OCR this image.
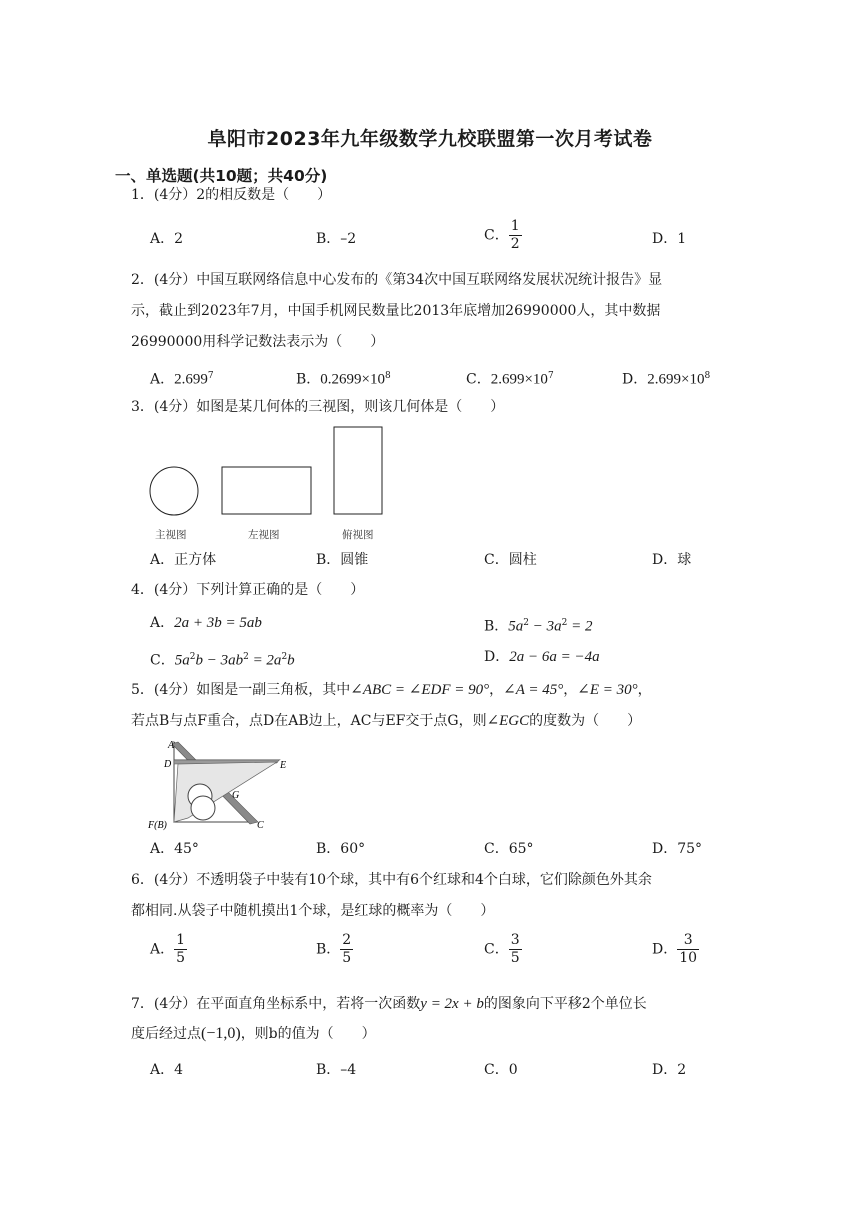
阜阳市2023年九年级数学九校联盟第一次月考试卷
一、单选题(共10题；共40分)
1．(4分）2的相反数是（　　）
A．2	B．–2	C． $\frac{1}{2}$	D．1
2．(4分）中国互联网络信息中心发布的《第34次中国互联网络发展状况统计报告》显
示，截止到2023年7月，中国手机网民数量比2013年底增加26990000人，其中数据
26990000用科学记数法表示为（　　）
A．2.699$^7$	B．$0.2699\times 10^8$	C．$2.699\times 10^7$	D．$2.699\times 10^8$
3．(4分）如图是某几何体的三视图，则该几何体是（　　）
主视图	左视图	俯视图
A．正方体	B．圆锥	C．圆柱	D．球
4．(4分）下列计算正确的是（　　）
A．2a + 3b = 5ab	B．$5a^2 - 3a^2 = 2$
C．$5a^2b - 3ab^2 = 2a^2b$	D．2a − 6a = −4a
5．(4分）如图是一副三角板，其中∠ABC = ∠EDF = 90°，∠A = 45°，∠E = 30°，
若点B与点F重合，点D在AB边上，AC与EF交于点G，则∠EGC的度数为（　　）
A
D	E
G
F(B)	C
A．45°	B．60°	C．65°	D．75°
6．(4分）不透明袋子中装有10个球，其中有6个红球和4个白球，它们除颜色外其余
都相同.从袋子中随机摸出1个球，是红球的概率为（　　）
A． $\frac{1}{5}$	B． $\frac{2}{5}$	C． $\frac{3}{5}$	D． $\frac{3}{10}$
7．(4分）在平面直角坐标系中，若将一次函数y = 2x + b的图象向下平移2个单位长
度后经过点(−1,0)，则b的值为（　　）
A．4	B．–4	C．0	D．2
